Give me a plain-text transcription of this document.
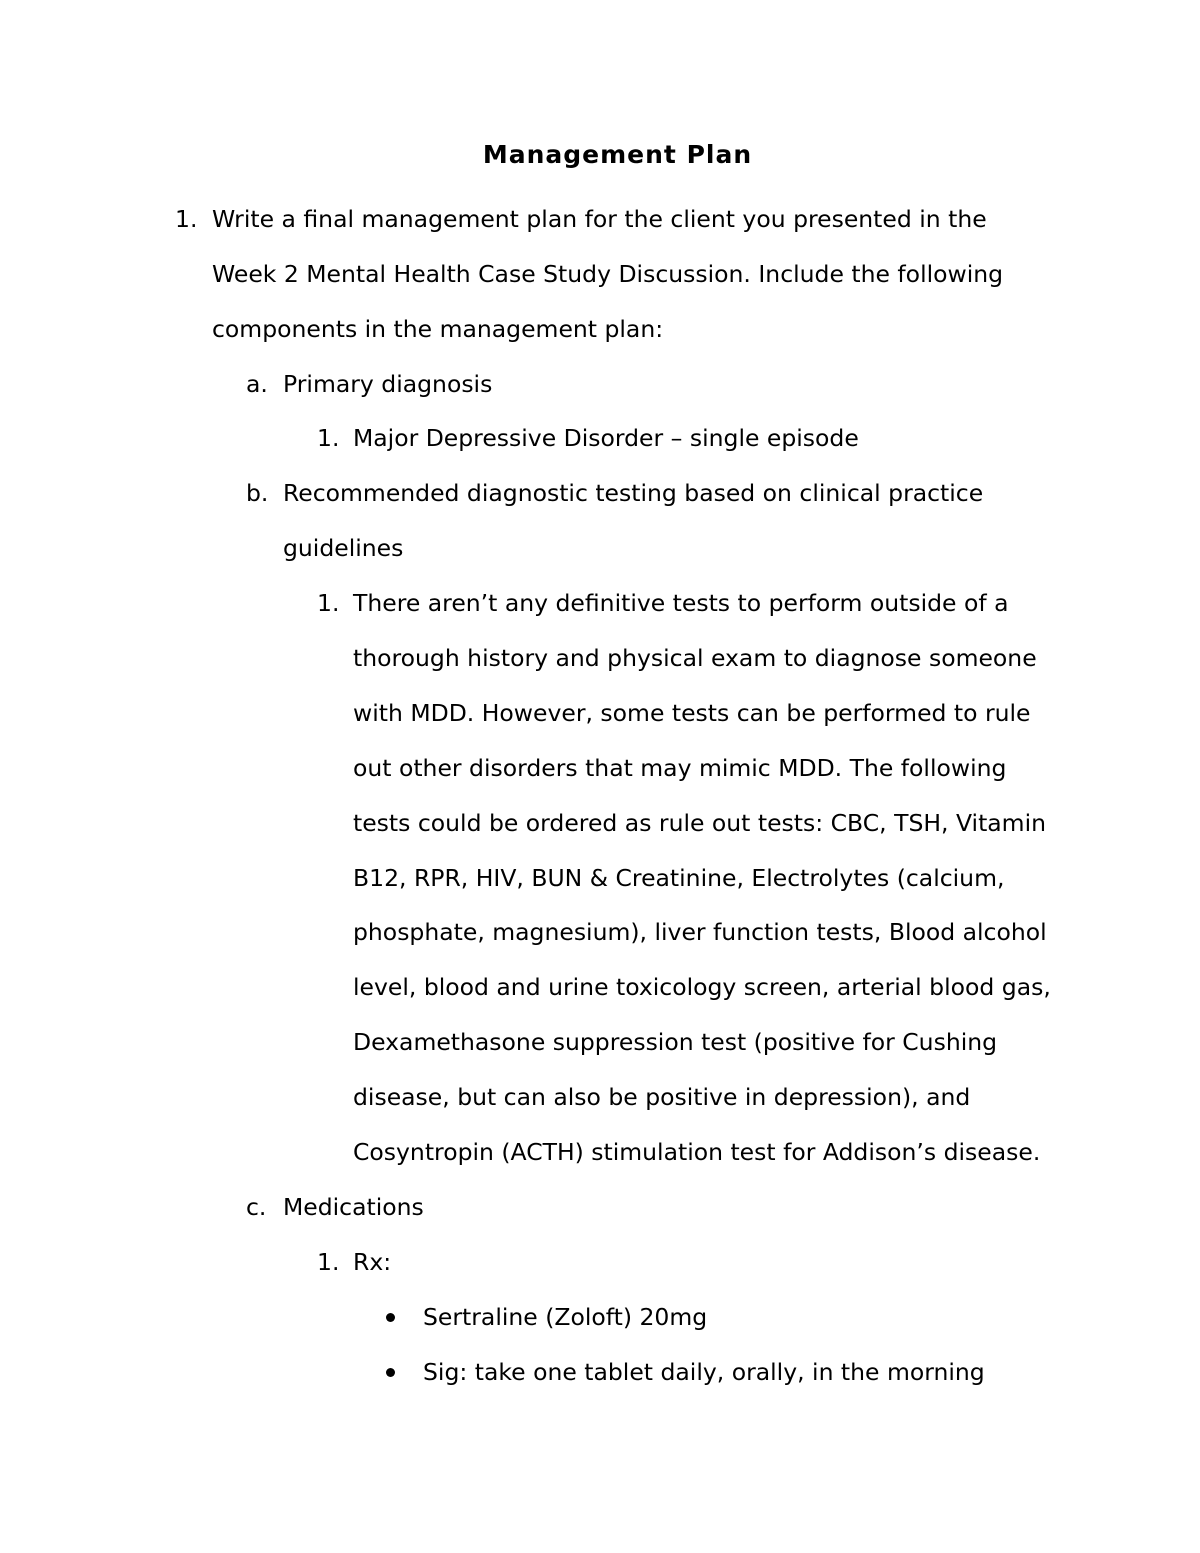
Management Plan
1. Write a final management plan for the client you presented in the
Week 2 Mental Health Case Study Discussion. Include the following
components in the management plan:
a. Primary diagnosis
1. Major Depressive Disorder – single episode
b. Recommended diagnostic testing based on clinical practice
guidelines
1. There aren’t any definitive tests to perform outside of a
thorough history and physical exam to diagnose someone
with MDD. However, some tests can be performed to rule
out other disorders that may mimic MDD. The following
tests could be ordered as rule out tests: CBC, TSH, Vitamin
B12, RPR, HIV, BUN & Creatinine, Electrolytes (calcium,
phosphate, magnesium), liver function tests, Blood alcohol
level, blood and urine toxicology screen, arterial blood gas,
Dexamethasone suppression test (positive for Cushing
disease, but can also be positive in depression), and
Cosyntropin (ACTH) stimulation test for Addison’s disease.
c. Medications
1. Rx:
Sertraline (Zoloft) 20mg
Sig: take one tablet daily, orally, in the morning
